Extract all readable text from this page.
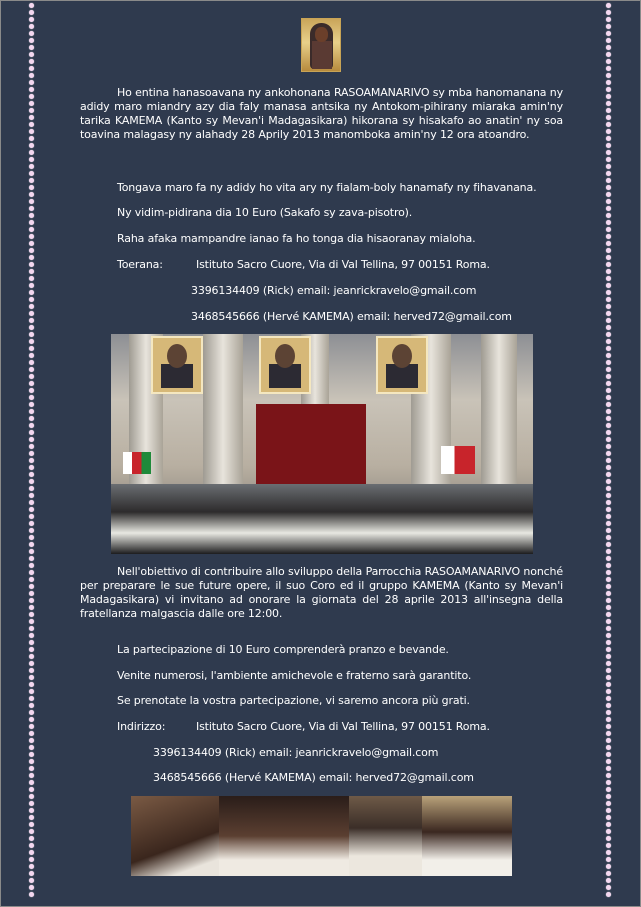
Ho entina hanasoavana ny ankohonana RASOAMANARIVO sy mba hanomanana ny adidy maro miandry azy dia faly manasa antsika ny Antokom-pihirany miaraka amin'ny tarika KAMEMA (Kanto sy Mevan'i Madagasikara) hikorana sy hisakafo ao anatin' ny soa toavina malagasy ny alahady 28 Aprily 2013 manomboka amin'ny 12 ora atoandro.
Tongava maro fa ny adidy ho vita ary ny fialam-boly hanamafy ny fihavanana.
Ny vidim-pidirana dia 10 Euro (Sakafo sy zava-pisotro).
Raha afaka mampandre ianao fa ho tonga dia hisaoranay mialoha.
Toerana:	Istituto Sacro Cuore, Via di Val Tellina, 97 00151 Roma.
3396134409 (Rick) email: jeanrickravelo@gmail.com
3468545666 (Hervé KAMEMA) email: herved72@gmail.com
Nell'obiettivo di contribuire allo sviluppo della Parrocchia RASOAMANARIVO nonché per preparare le sue future opere, il suo Coro ed il gruppo KAMEMA (Kanto sy Mevan'i Madagasikara) vi invitano ad onorare la giornata del 28 aprile 2013 all'insegna della fratellanza malgascia dalle ore 12:00.
La partecipazione di 10 Euro comprenderà pranzo e bevande.
Venite numerosi, l'ambiente amichevole e fraterno sarà garantito.
Se prenotate la vostra partecipazione, vi saremo ancora più grati.
Indirizzo:	Istituto Sacro Cuore, Via di Val Tellina, 97 00151 Roma.
3396134409 (Rick) email: jeanrickravelo@gmail.com
3468545666 (Hervé KAMEMA) email: herved72@gmail.com
